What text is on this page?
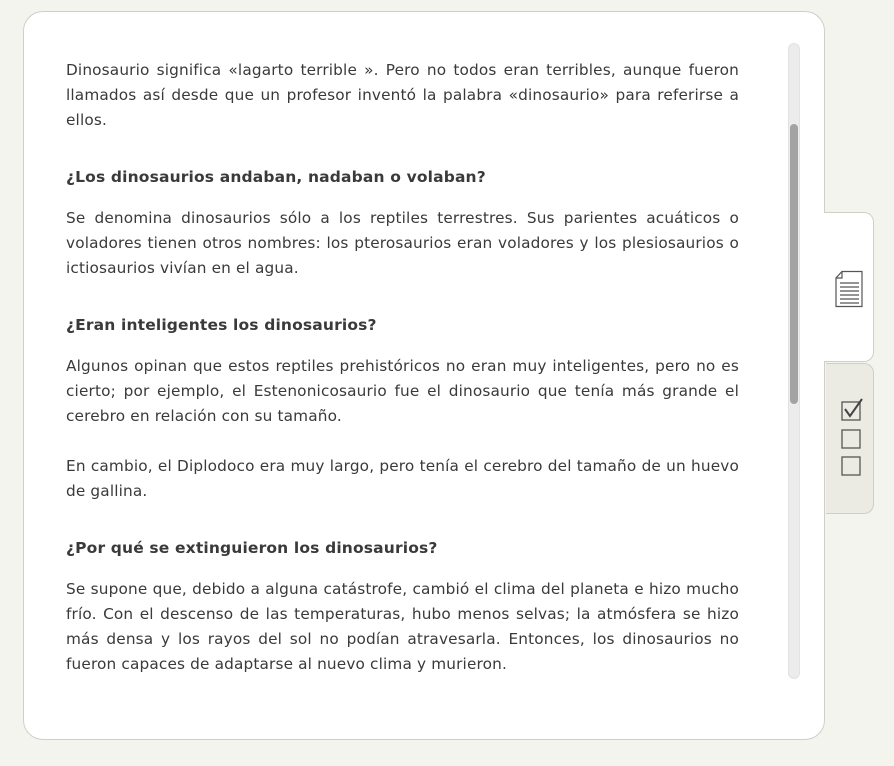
Dinosaurio significa «lagarto terrible ». Pero no todos eran terribles, aunque fueron llamados así desde que un profesor inventó la palabra «dinosaurio» para referirse a ellos.

¿Los dinosaurios andaban, nadaban o volaban?

Se denomina dinosaurios sólo a los reptiles terrestres. Sus parientes acuáticos o voladores tienen otros nombres: los pterosaurios eran voladores y los plesiosaurios o ictiosaurios vivían en el agua.

¿Eran inteligentes los dinosaurios?

Algunos opinan que estos reptiles prehistóricos no eran muy inteligentes, pero no es cierto; por ejemplo, el Estenonicosaurio fue el dinosaurio que tenía más grande el cerebro en relación con su tamaño.

En cambio, el Diplodoco era muy largo, pero tenía el cerebro del tamaño de un huevo de gallina.

¿Por qué se extinguieron los dinosaurios?

Se supone que, debido a alguna catástrofe, cambió el clima del planeta e hizo mucho frío. Con el descenso de las temperaturas, hubo menos selvas; la atmósfera se hizo más densa y los rayos del sol no podían atravesarla. Entonces, los dinosaurios no fueron capaces de adaptarse al nuevo clima y murieron.
